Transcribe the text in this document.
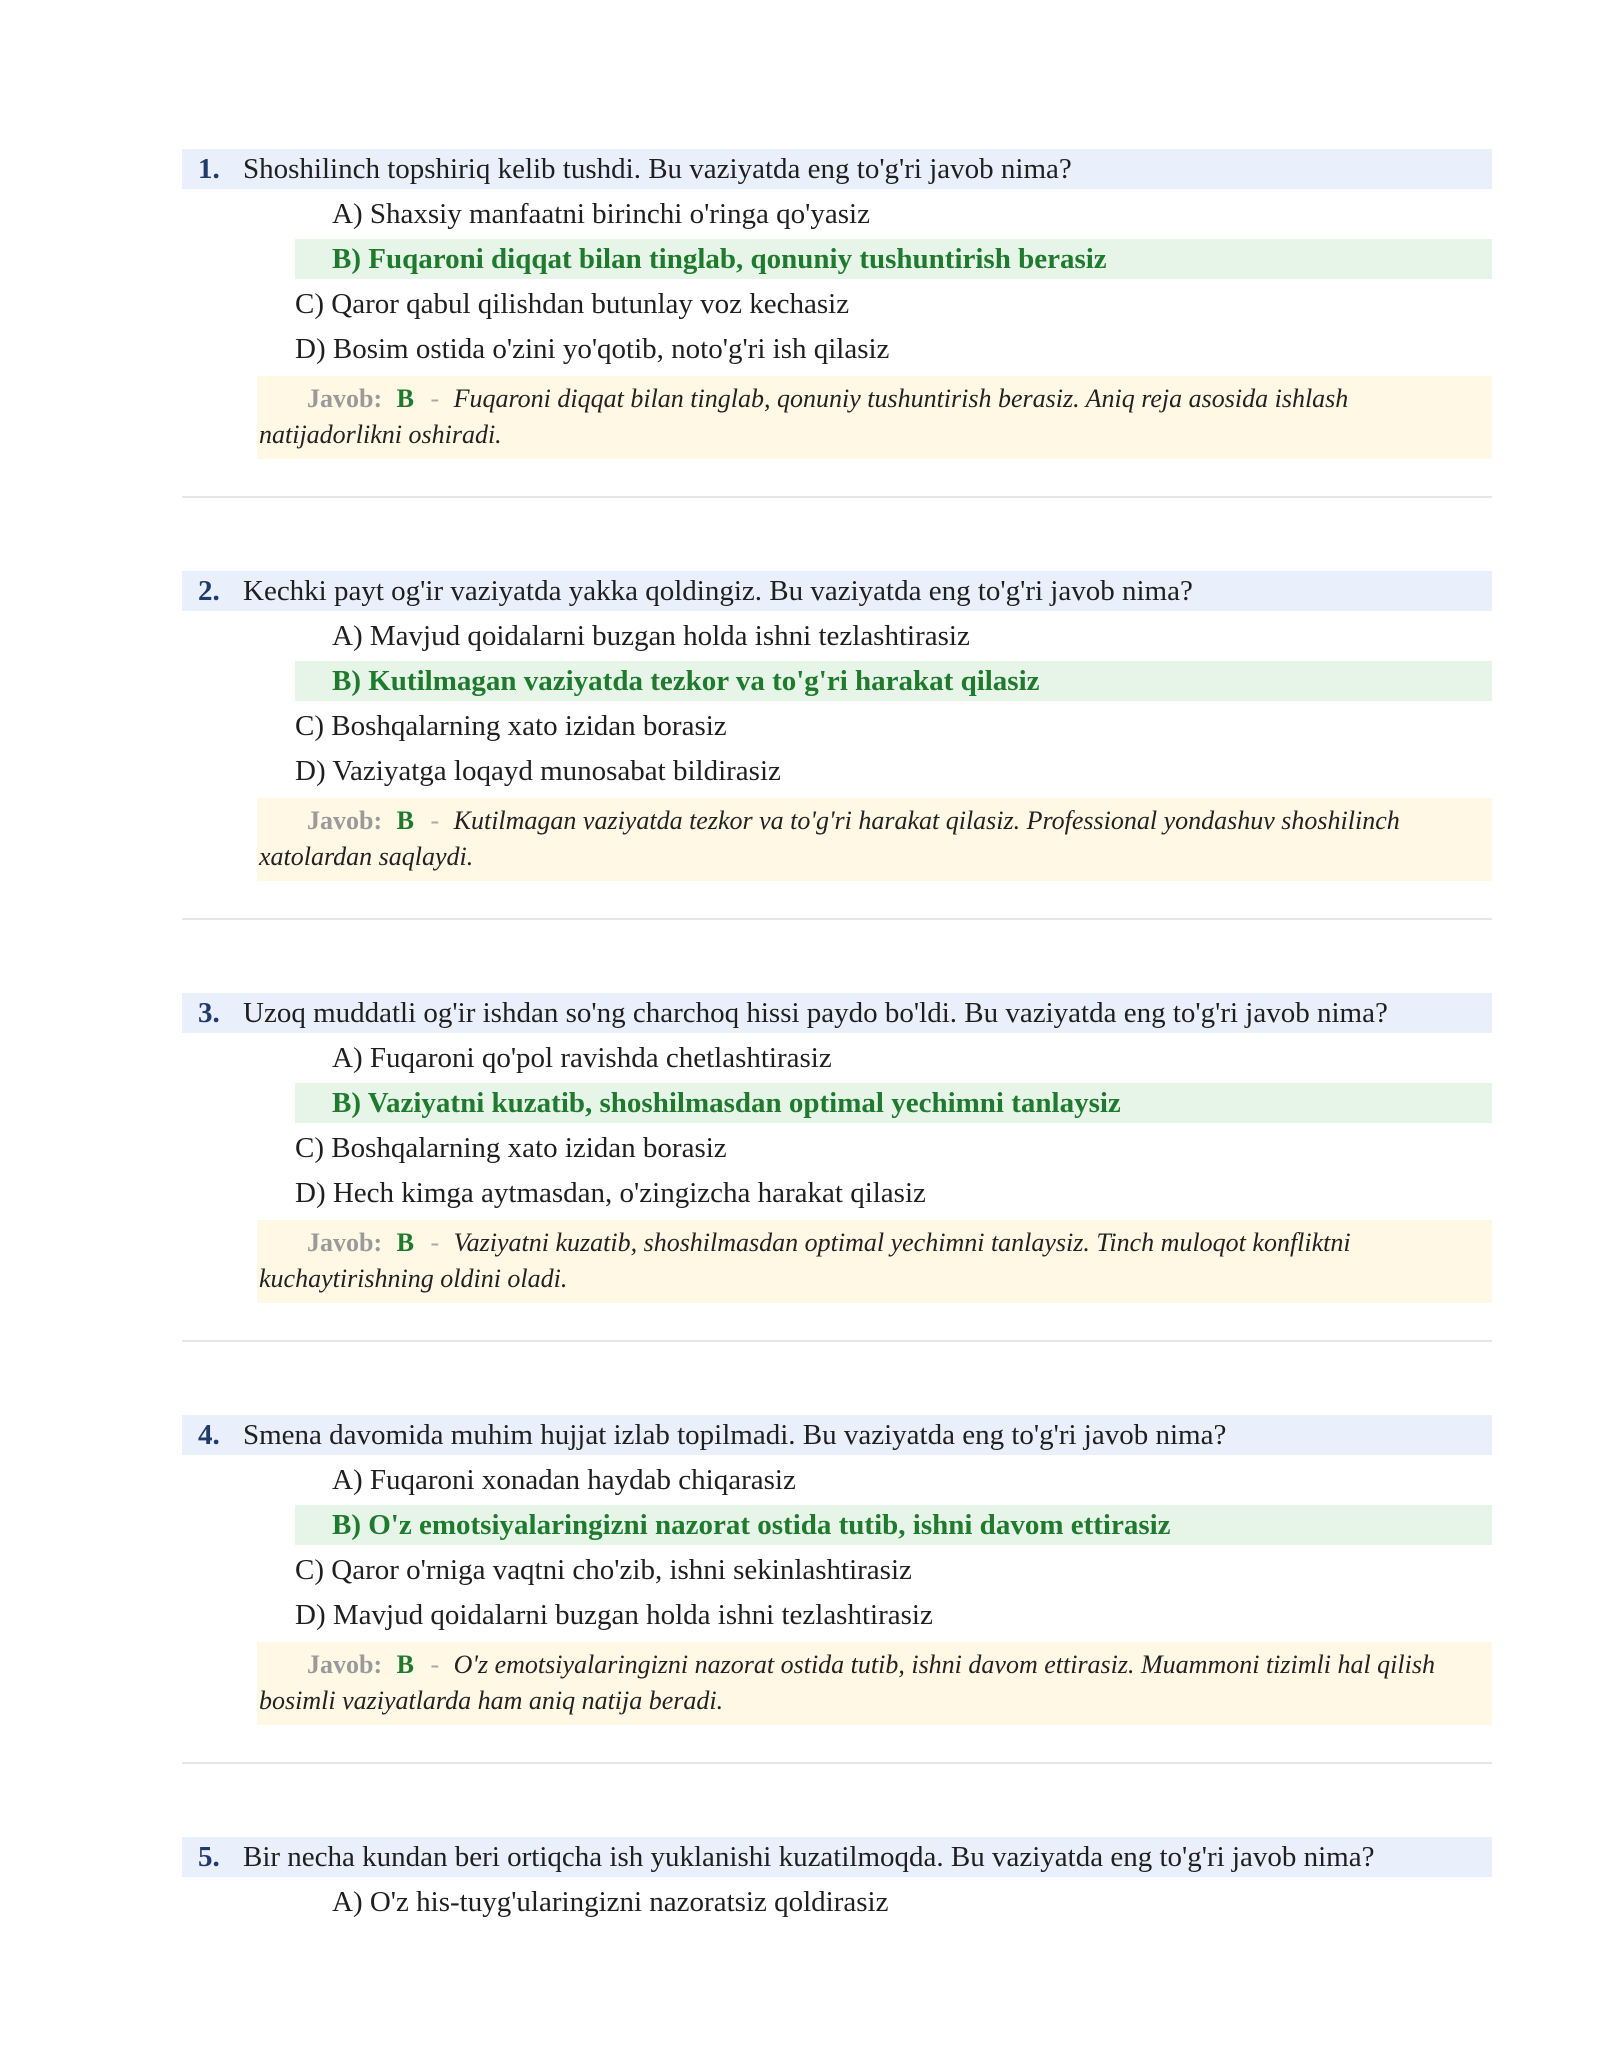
1. Shoshilinch topshiriq kelib tushdi. Bu vaziyatda eng to'g'ri javob nima?
A) Shaxsiy manfaatni birinchi o'ringa qo'yasiz
B) Fuqaroni diqqat bilan tinglab, qonuniy tushuntirish berasiz
C) Qaror qabul qilishdan butunlay voz kechasiz
D) Bosim ostida o'zini yo'qotib, noto'g'ri ish qilasiz
Javob: B - Fuqaroni diqqat bilan tinglab, qonuniy tushuntirish berasiz. Aniq reja asosida ishlash natijadorlikni oshiradi.
2. Kechki payt og'ir vaziyatda yakka qoldingiz. Bu vaziyatda eng to'g'ri javob nima?
A) Mavjud qoidalarni buzgan holda ishni tezlashtirasiz
B) Kutilmagan vaziyatda tezkor va to'g'ri harakat qilasiz
C) Boshqalarning xato izidan borasiz
D) Vaziyatga loqayd munosabat bildirasiz
Javob: B - Kutilmagan vaziyatda tezkor va to'g'ri harakat qilasiz. Professional yondashuv shoshilinch xatolardan saqlaydi.
3. Uzoq muddatli og'ir ishdan so'ng charchoq hissi paydo bo'ldi. Bu vaziyatda eng to'g'ri javob nima?
A) Fuqaroni qo'pol ravishda chetlashtirasiz
B) Vaziyatni kuzatib, shoshilmasdan optimal yechimni tanlaysiz
C) Boshqalarning xato izidan borasiz
D) Hech kimga aytmasdan, o'zingizcha harakat qilasiz
Javob: B - Vaziyatni kuzatib, shoshilmasdan optimal yechimni tanlaysiz. Tinch muloqot konfliktni kuchaytirishning oldini oladi.
4. Smena davomida muhim hujjat izlab topilmadi. Bu vaziyatda eng to'g'ri javob nima?
A) Fuqaroni xonadan haydab chiqarasiz
B) O'z emotsiyalaringizni nazorat ostida tutib, ishni davom ettirasiz
C) Qaror o'rniga vaqtni cho'zib, ishni sekinlashtirasiz
D) Mavjud qoidalarni buzgan holda ishni tezlashtirasiz
Javob: B - O'z emotsiyalaringizni nazorat ostida tutib, ishni davom ettirasiz. Muammoni tizimli hal qilish bosimli vaziyatlarda ham aniq natija beradi.
5. Bir necha kundan beri ortiqcha ish yuklanishi kuzatilmoqda. Bu vaziyatda eng to'g'ri javob nima?
A) O'z his-tuyg'ularingizni nazoratsiz qoldirasiz
